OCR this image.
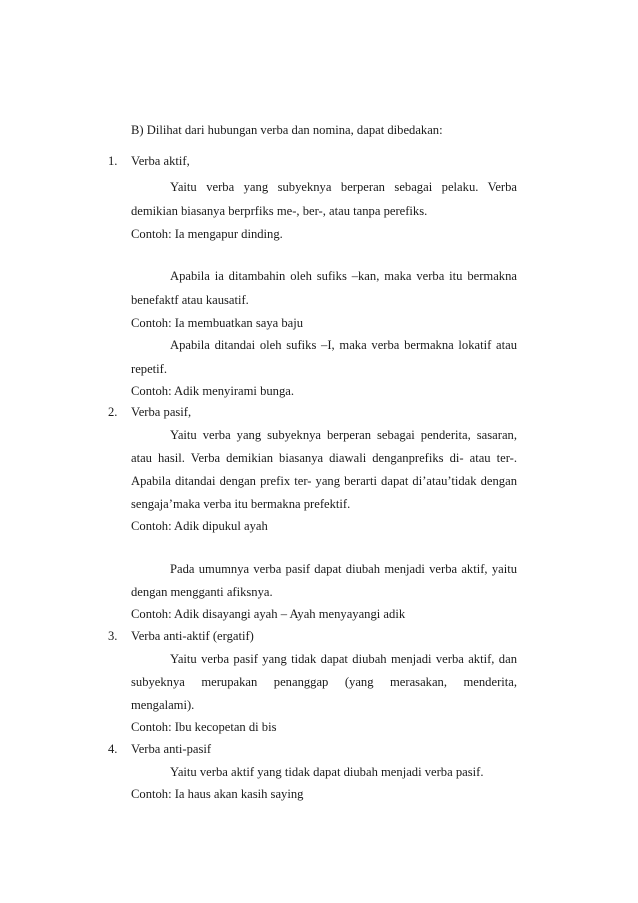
B) Dilihat dari hubungan verba dan nomina, dapat dibedakan:
1. Verba aktif,
Yaitu verba yang subyeknya berperan sebagai pelaku. Verba
demikian biasanya berprfiks me-, ber-, atau tanpa perefiks.
Contoh: Ia mengapur dinding.
Apabila ia ditambahin oleh sufiks –kan, maka verba itu bermakna
benefaktf atau kausatif.
Contoh: Ia membuatkan saya baju
Apabila ditandai oleh sufiks –I, maka verba bermakna lokatif atau
repetif.
Contoh: Adik menyirami bunga.
2. Verba pasif,
Yaitu verba yang subyeknya berperan sebagai penderita, sasaran,
atau hasil. Verba demikian biasanya diawali denganprefiks di- atau ter-.
Apabila ditandai dengan prefix ter- yang berarti dapat di’atau’tidak dengan
sengaja’maka verba itu bermakna prefektif.
Contoh: Adik dipukul ayah
Pada umumnya verba pasif dapat diubah menjadi verba aktif, yaitu
dengan mengganti afiksnya.
Contoh: Adik disayangi ayah – Ayah menyayangi adik
3. Verba anti-aktif (ergatif)
Yaitu verba pasif yang tidak dapat diubah menjadi verba aktif, dan
subyeknya merupakan penanggap (yang merasakan, menderita,
mengalami).
Contoh: Ibu kecopetan di bis
4. Verba anti-pasif
Yaitu verba aktif yang tidak dapat diubah menjadi verba pasif.
Contoh: Ia haus akan kasih saying
